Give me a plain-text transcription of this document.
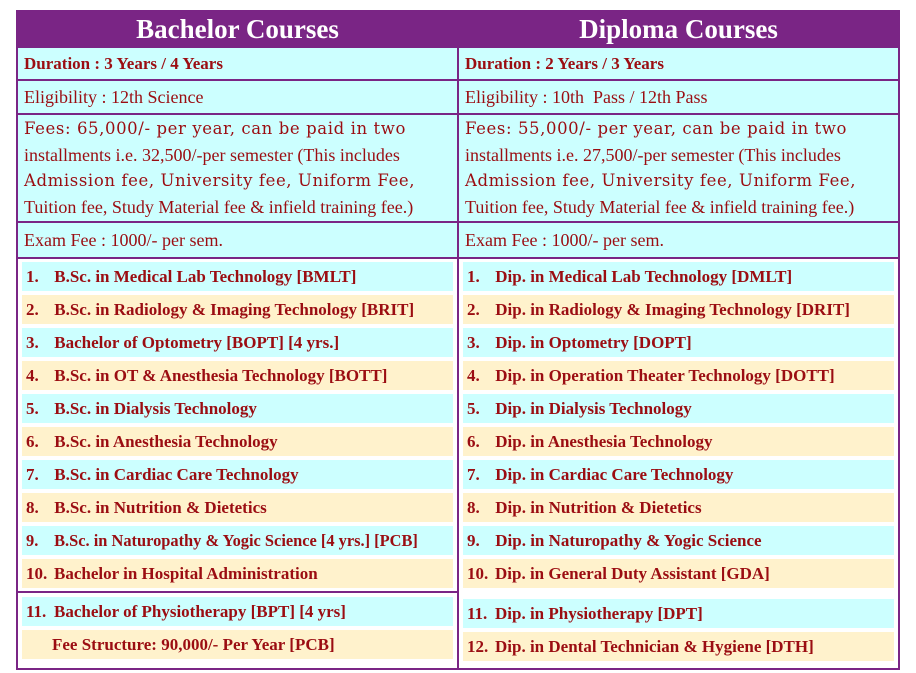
Bachelor Courses
Duration : 3 Years / 4 Years
Eligibility : 12th Science
Fees: 65,000/- per year, can be paid in two
installments i.e. 32,500/-per semester (This includes
Admission fee, University fee, Uniform Fee,
Tuition fee, Study Material fee & infield training fee.)
Exam Fee : 1000/- per sem.
1.
B.Sc. in Medical Lab Technology [BMLT]
2.
B.Sc. in Radiology & Imaging Technology [BRIT]
3.
Bachelor of Optometry [BOPT] [4 yrs.]
4.
B.Sc. in OT & Anesthesia Technology [BOTT]
5.
B.Sc. in Dialysis Technology
6.
B.Sc. in Anesthesia Technology
7.
B.Sc. in Cardiac Care Technology
8.
B.Sc. in Nutrition & Dietetics
9.
B.Sc. in Naturopathy & Yogic Science [4 yrs.] [PCB]
10. Bachelor in Hospital Administration
11. Bachelor of Physiotherapy [BPT] [4 yrs]
Fee Structure: 90,000/- Per Year [PCB]
Diploma Courses
Duration : 2 Years / 3 Years
Eligibility : 10th  Pass / 12th Pass
Fees: 55,000/- per year, can be paid in two
installments i.e. 27,500/-per semester (This includes
Admission fee, University fee, Uniform Fee,
Tuition fee, Study Material fee & infield training fee.)
Exam Fee : 1000/- per sem.
1.
Dip. in Medical Lab Technology [DMLT]
2.
Dip. in Radiology & Imaging Technology [DRIT]
3.
Dip. in Optometry [DOPT]
4.
Dip. in Operation Theater Technology [DOTT]
5.
Dip. in Dialysis Technology
6.
Dip. in Anesthesia Technology
7.
Dip. in Cardiac Care Technology
8.
Dip. in Nutrition & Dietetics
9.
Dip. in Naturopathy & Yogic Science
10. Dip. in General Duty Assistant [GDA]
11. Dip. in Physiotherapy [DPT]
12. Dip. in Dental Technician & Hygiene [DTH]
